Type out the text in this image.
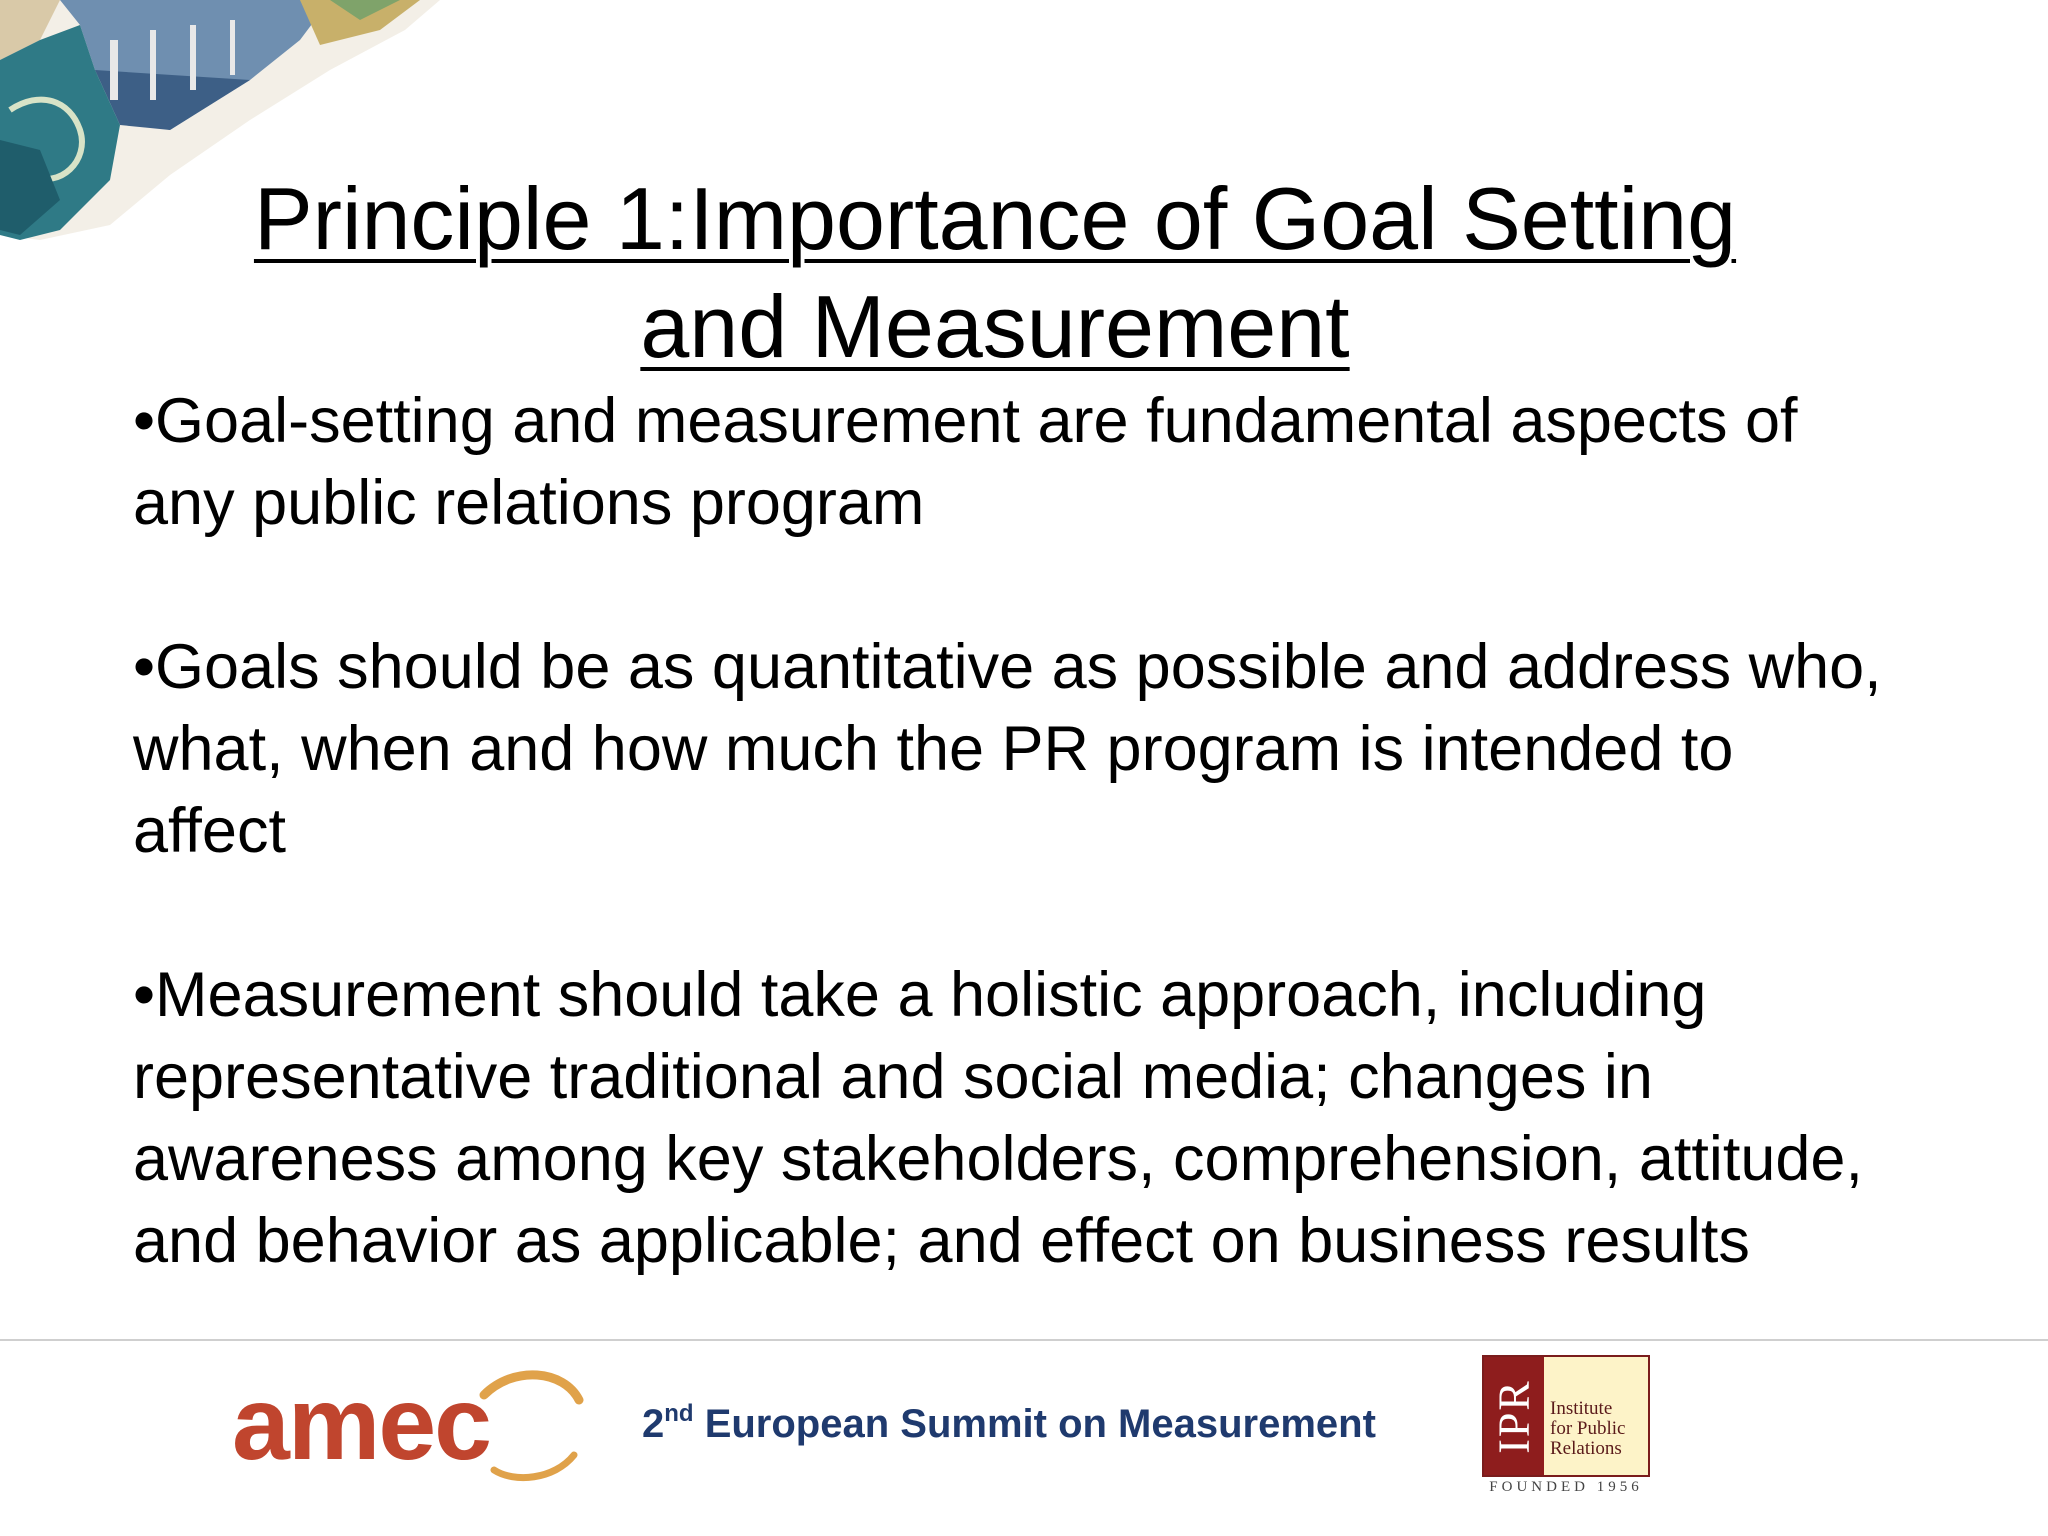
Principle 1:Importance of Goal Setting
and Measurement

•Goal-setting and measurement are fundamental aspects of any public relations program

•Goals should be as quantitative as possible and address who, what, when and how much the PR program is intended to affect

•Measurement should take a holistic approach, including representative traditional and social media; changes in awareness among key stakeholders, comprehension, attitude, and behavior as applicable; and effect on business results

amec	2nd European Summit on Measurement	IPR Institute
for Public
Relations
FOUNDED 1956
